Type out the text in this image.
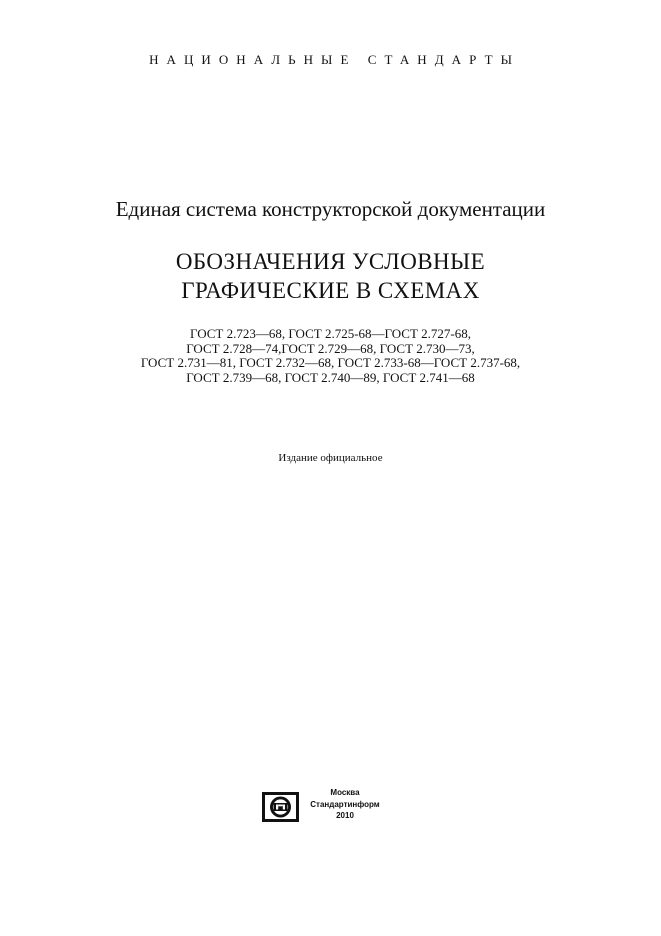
НАЦИОНАЛЬНЫЕ СТАНДАРТЫ
Единая система конструкторской документации
ОБОЗНАЧЕНИЯ УСЛОВНЫЕ
ГРАФИЧЕСКИЕ В СХЕМАХ
ГОСТ 2.723—68, ГОСТ 2.725-68—ГОСТ 2.727-68,
ГОСТ 2.728—74,ГОСТ 2.729—68, ГОСТ 2.730—73,
ГОСТ 2.731—81, ГОСТ 2.732—68, ГОСТ 2.733-68—ГОСТ 2.737-68,
ГОСТ 2.739—68, ГОСТ 2.740—89, ГОСТ 2.741—68
Издание официальное
Москва
Стандартинформ
2010
